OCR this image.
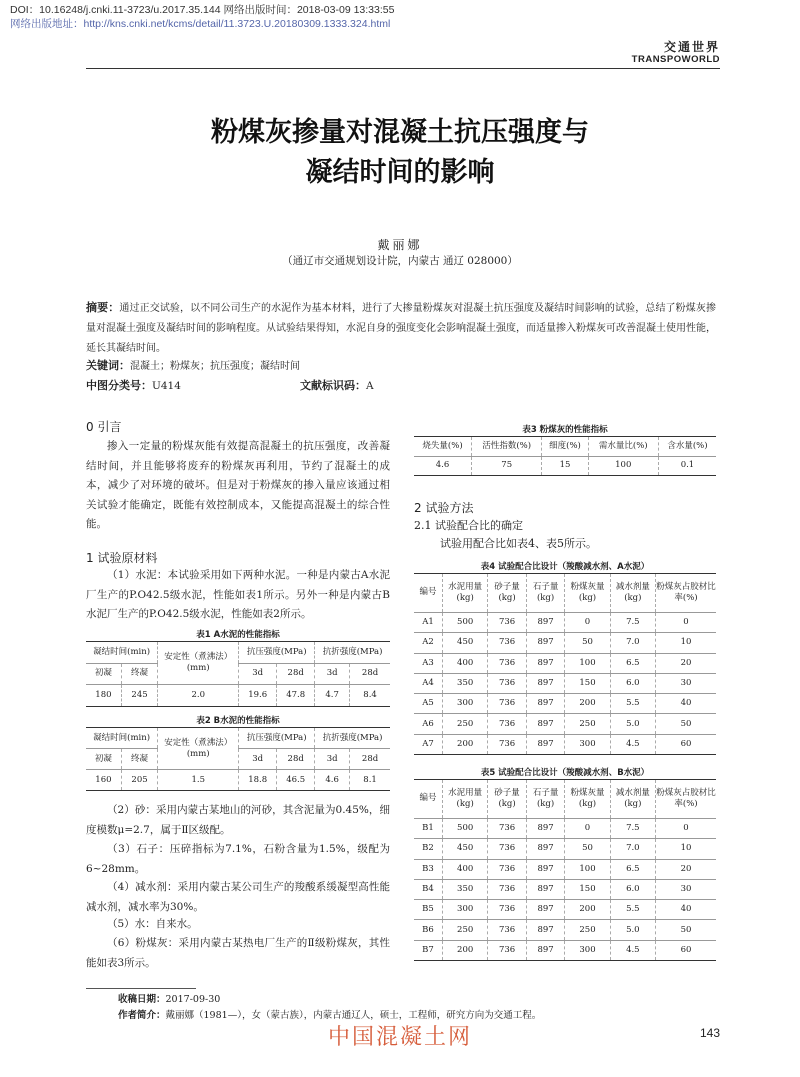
DOI：10.16248/j.cnki.11-3723/u.2017.35.144 网络出版时间：2018-03-09 13:33:55
网络出版地址：http://kns.cnki.net/kcms/detail/11.3723.U.20180309.1333.324.html
交通世界
TRANSPOWORLD
粉煤灰掺量对混凝土抗压强度与
凝结时间的影响
戴丽娜
（通辽市交通规划设计院，内蒙古 通辽 028000）
摘要：通过正交试验，以不同公司生产的水泥作为基本材料，进行了大掺量粉煤灰对混凝土抗压强度及凝结时间影响的试验，总结了粉煤灰掺量对混凝土强度及凝结时间的影响程度。从试验结果得知，水泥自身的强度变化会影响混凝土强度，而适量掺入粉煤灰可改善混凝土使用性能，延长其凝结时间。
关键词：混凝土；粉煤灰；抗压强度；凝结时间
中图分类号：U414	文献标识码：A
0 引言
掺入一定量的粉煤灰能有效提高混凝土的抗压强度，改善凝结时间，并且能够将废弃的粉煤灰再利用，节约了混凝土的成本，减少了对环境的破坏。但是对于粉煤灰的掺入量应该通过相关试验才能确定，既能有效控制成本，又能提高混凝土的综合性能。
1 试验原材料
（1）水泥：本试验采用如下两种水泥。一种是内蒙古A水泥厂生产的P.O42.5级水泥，性能如表1所示。另外一种是内蒙古B水泥厂生产的P.O42.5级水泥，性能如表2所示。
表1 A水泥的性能指标
凝结时间(min)		安定性（煮沸法）(mm)	抗压强度(MPa)		抗折强度(MPa)	
初凝	终凝		3d	28d	3d	28d
180	245	2.0	19.6	47.8	4.7	8.4
表2 B水泥的性能指标
凝结时间(min)		安定性（煮沸法）(mm)	抗压强度(MPa)		抗折强度(MPa)	
初凝	终凝		3d	28d	3d	28d
160	205	1.5	18.8	46.5	4.6	8.1
（2）砂：采用内蒙古某地山的河砂，其含泥量为0.45%，细度模数μ=2.7，属于Ⅱ区级配。
（3）石子：压碎指标为7.1%，石粉含量为1.5%，级配为6~28mm。
（4）减水剂：采用内蒙古某公司生产的羧酸系缓凝型高性能减水剂，减水率为30%。
（5）水：自来水。
（6）粉煤灰：采用内蒙古某热电厂生产的Ⅱ级粉煤灰，其性能如表3所示。
表3 粉煤灰的性能指标
烧失量(%)	活性指数(%)	细度(%)	需水量比(%)	含水量(%)
4.6	75	15	100	0.1
2 试验方法
2.1 试验配合比的确定
试验用配合比如表4、表5所示。
表4 试验配合比设计（羧酸减水剂、A水泥）
编号	水泥用量(kg)	砂子量(kg)	石子量(kg)	粉煤灰量(kg)	减水剂量(kg)	粉煤灰占胶材比率(%)
A1	500	736	897	0	7.5	0
A2	450	736	897	50	7.0	10
A3	400	736	897	100	6.5	20
A4	350	736	897	150	6.0	30
A5	300	736	897	200	5.5	40
A6	250	736	897	250	5.0	50
A7	200	736	897	300	4.5	60
表5 试验配合比设计（羧酸减水剂、B水泥）
编号	水泥用量(kg)	砂子量(kg)	石子量(kg)	粉煤灰量(kg)	减水剂量(kg)	粉煤灰占胶材比率(%)
B1	500	736	897	0	7.5	0
B2	450	736	897	50	7.0	10
B3	400	736	897	100	6.5	20
B4	350	736	897	150	6.0	30
B5	300	736	897	200	5.5	40
B6	250	736	897	250	5.0	50
B7	200	736	897	300	4.5	60
收稿日期：2017-09-30
作者简介：戴丽娜（1981—），女（蒙古族），内蒙古通辽人，硕士，工程师，研究方向为交通工程。
中国混凝土网	143
